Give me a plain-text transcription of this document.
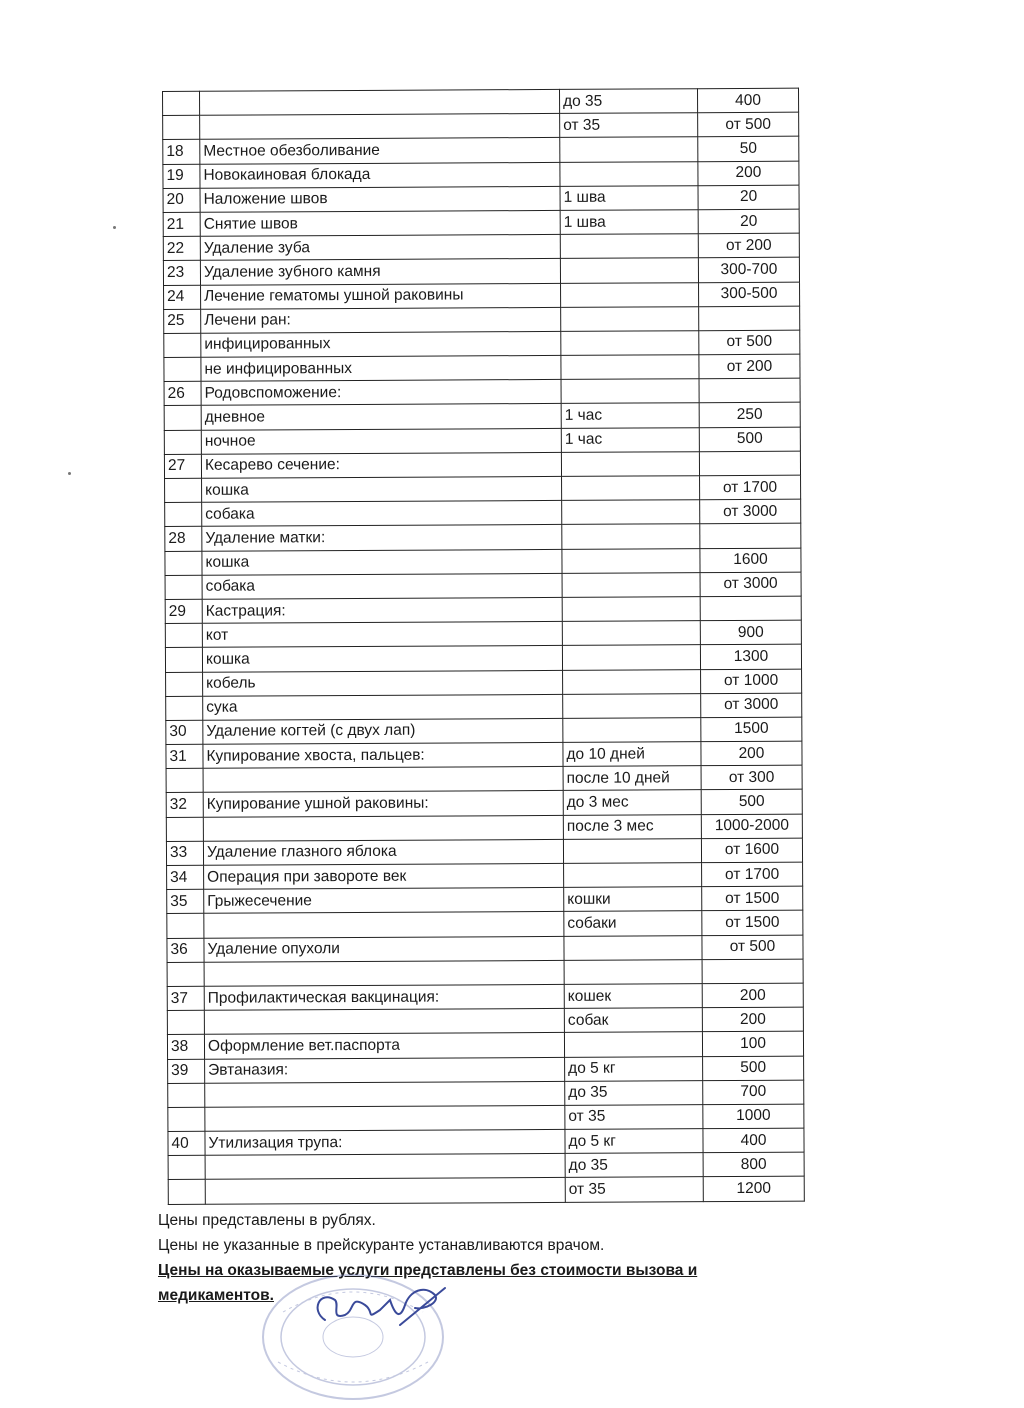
		до 35	400
		от 35	от 500
18	Местное обезболивание		50
19	Новокаиновая блокада		200
20	Наложение швов	1 шва	20
21	Снятие швов	1 шва	20
22	Удаление зуба		от 200
23	Удаление зубного камня		300-700
24	Лечение гематомы ушной раковины		300-500
25	Лечени ран:		
	инфицированных		от 500
	не инфицированных		от 200
26	Родовспоможение:		
	дневное	1 час	250
	ночное	1 час	500
27	Кесарево сечение:		
	кошка		от 1700
	собака		от 3000
28	Удаление матки:		
	кошка		1600
	собака		от 3000
29	Кастрация:		
	кот		900
	кошка		1300
	кобель		от 1000
	сука		от 3000
30	Удаление когтей (с двух лап)		1500
31	Купирование хвоста, пальцев:	до 10 дней	200
		после 10 дней	от 300
32	Купирование ушной раковины:	до 3 мес	500
		после 3 мес	1000-2000
33	Удаление глазного яблока		от 1600
34	Операция при завороте век		от 1700
35	Грыжесечение	кошки	от 1500
		собаки	от 1500
36	Удаление опухоли		от 500

37	Профилактическая вакцинация:	кошек	200
		собак	200
38	Оформление вет.паспорта		100
39	Эвтаназия:	до 5 кг	500
		до 35	700
		от 35	1000
40	Утилизация трупа:	до 5 кг	400
		до 35	800
		от 35	1200

Цены представлены в рублях.

Цены не указанные в прейскуранте устанавливаются врачом.

Цены на оказываемые услуги представлены без стоимости вызова и медикаментов.
